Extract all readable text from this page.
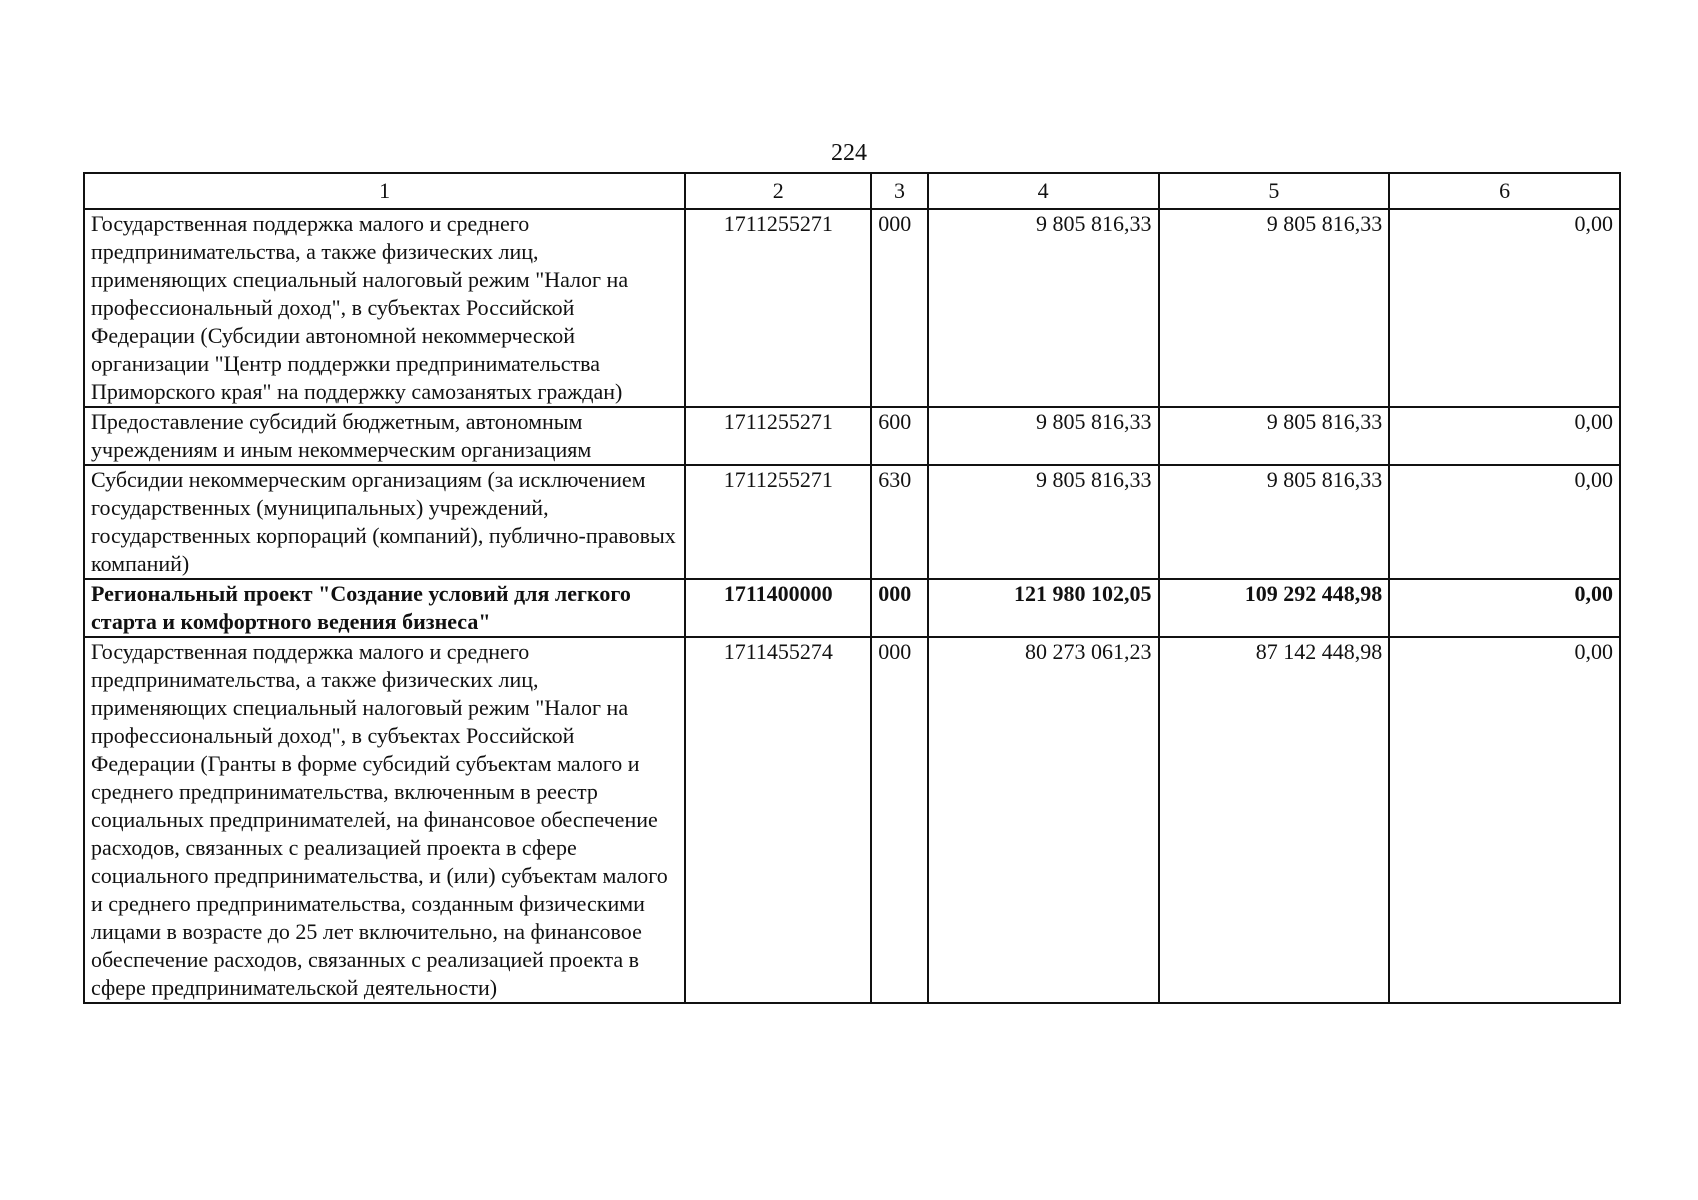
224
1	2	3	4	5	6
Государственная поддержка малого и среднего предпринимательства, а также физических лиц, применяющих специальный налоговый режим "Налог на профессиональный доход", в субъектах Российской Федерации (Субсидии автономной некоммерческой организации "Центр поддержки предпринимательства Приморского края" на поддержку самозанятых граждан)	1711255271	000	9 805 816,33	9 805 816,33	0,00
Предоставление субсидий бюджетным, автономным учреждениям и иным некоммерческим организациям	1711255271	600	9 805 816,33	9 805 816,33	0,00
Субсидии некоммерческим организациям (за исключением государственных (муниципальных) учреждений, государственных корпораций (компаний), публично-правовых компаний)	1711255271	630	9 805 816,33	9 805 816,33	0,00
Региональный проект "Создание условий для легкого старта и комфортного ведения бизнеса"	1711400000	000	121 980 102,05	109 292 448,98	0,00
Государственная поддержка малого и среднего предпринимательства, а также физических лиц, применяющих специальный налоговый режим "Налог на профессиональный доход", в субъектах Российской Федерации (Гранты в форме субсидий субъектам малого и среднего предпринимательства, включенным в реестр социальных предпринимателей, на финансовое обеспечение расходов, связанных с реализацией проекта в сфере социального предпринимательства, и (или) субъектам малого и среднего предпринимательства, созданным физическими лицами в возрасте до 25 лет включительно, на финансовое обеспечение расходов, связанных с реализацией проекта в сфере предпринимательской деятельности)	1711455274	000	80 273 061,23	87 142 448,98	0,00
